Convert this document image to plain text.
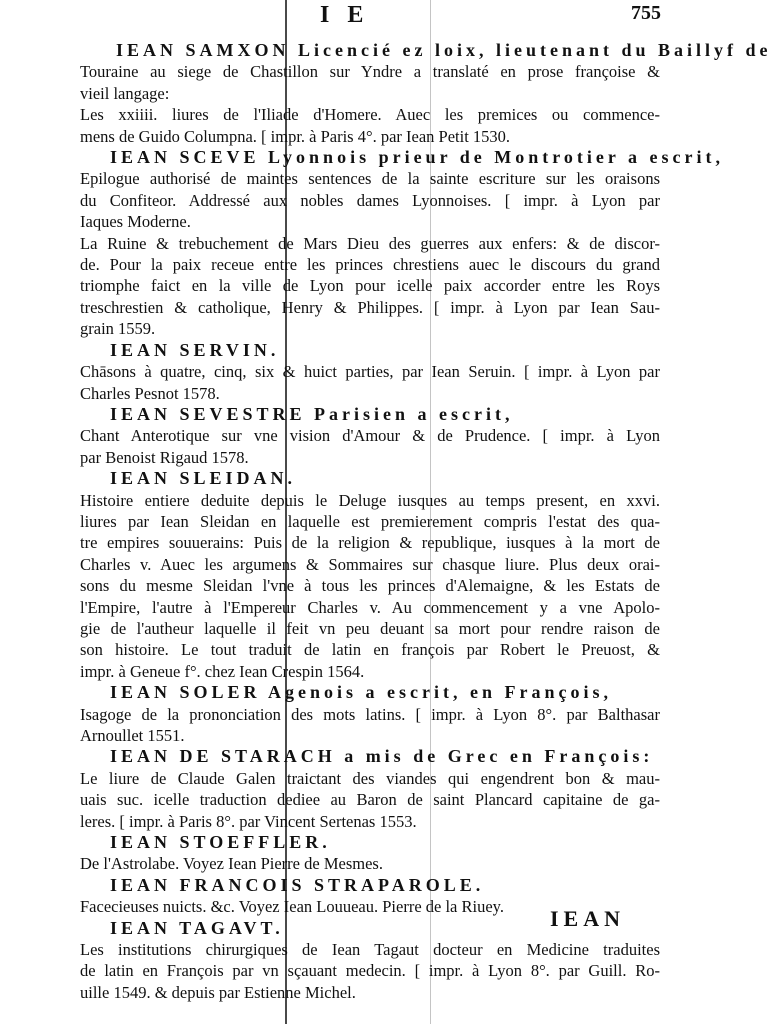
I E	755
IEAN SAMXON Licencié ez loix, lieutenant du Baillyf de
Touraine au siege de Chastillon sur Yndre a translaté en prose françoise &
vieil langage:
Les xxiiii. liures de l'Iliade d'Homere. Auec les premices ou commence-
mens de Guido Columpna. [ impr. à Paris 4°. par Iean Petit 1530.
IEAN SCEVE Lyonnois prieur de Montrotier a escrit,
Epilogue authorisé de maintes sentences de la sainte escriture sur les oraisons
du Confiteor. Addressé aux nobles dames Lyonnoises. [ impr. à Lyon par
Iaques Moderne.
La Ruine & trebuchement de Mars Dieu des guerres aux enfers: & de discor-
de. Pour la paix receue entre les princes chrestiens auec le discours du grand
triomphe faict en la ville de Lyon pour icelle paix accorder entre les Roys
treschrestien & catholique, Henry & Philippes. [ impr. à Lyon par Iean Sau-
grain 1559.
IEAN SERVIN.
Chāsons à quatre, cinq, six & huict parties, par Iean Seruin. [ impr. à Lyon par
Charles Pesnot 1578.
IEAN SEVESTRE Parisien a escrit,
Chant Anterotique sur vne vision d'Amour & de Prudence. [ impr. à Lyon
par Benoist Rigaud 1578.
IEAN SLEIDAN.
Histoire entiere deduite depuis le Deluge iusques au temps present, en xxvi.
liures par Iean Sleidan en laquelle est premierement compris l'estat des qua-
tre empires souuerains: Puis de la religion & republique, iusques à la mort de
Charles v. Auec les argumens & Sommaires sur chasque liure. Plus deux orai-
sons du mesme Sleidan l'vne à tous les princes d'Alemaigne, & les Estats de
l'Empire, l'autre à l'Empereur Charles v. Au commencement y a vne Apolo-
gie de l'autheur laquelle il feit vn peu deuant sa mort pour rendre raison de
son histoire. Le tout traduit de latin en françois par Robert le Preuost, &
impr. à Geneue f°. chez Iean Crespin 1564.
IEAN SOLER Agenois a escrit, en François,
Isagoge de la prononciation des mots latins. [ impr. à Lyon 8°. par Balthasar
Arnoullet 1551.
IEAN DE STARACH a mis de Grec en François:
Le liure de Claude Galen traictant des viandes qui engendrent bon & mau-
uais suc. icelle traduction dediee au Baron de saint Plancard capitaine de ga-
leres. [ impr. à Paris 8°. par Vincent Sertenas 1553.
IEAN STOEFFLER.
De l'Astrolabe. Voyez Iean Pierre de Mesmes.
IEAN FRANCOIS STRAPAROLE.
Facecieuses nuicts. &c. Voyez Iean Louueau. Pierre de la Riuey.
IEAN TAGAVT.
Les institutions chirurgiques de Iean Tagaut docteur en Medicine traduites
de latin en François par vn sçauant medecin. [ impr. à Lyon 8°. par Guill. Ro-
uille 1549. & depuis par Estienne Michel.
IEAN
